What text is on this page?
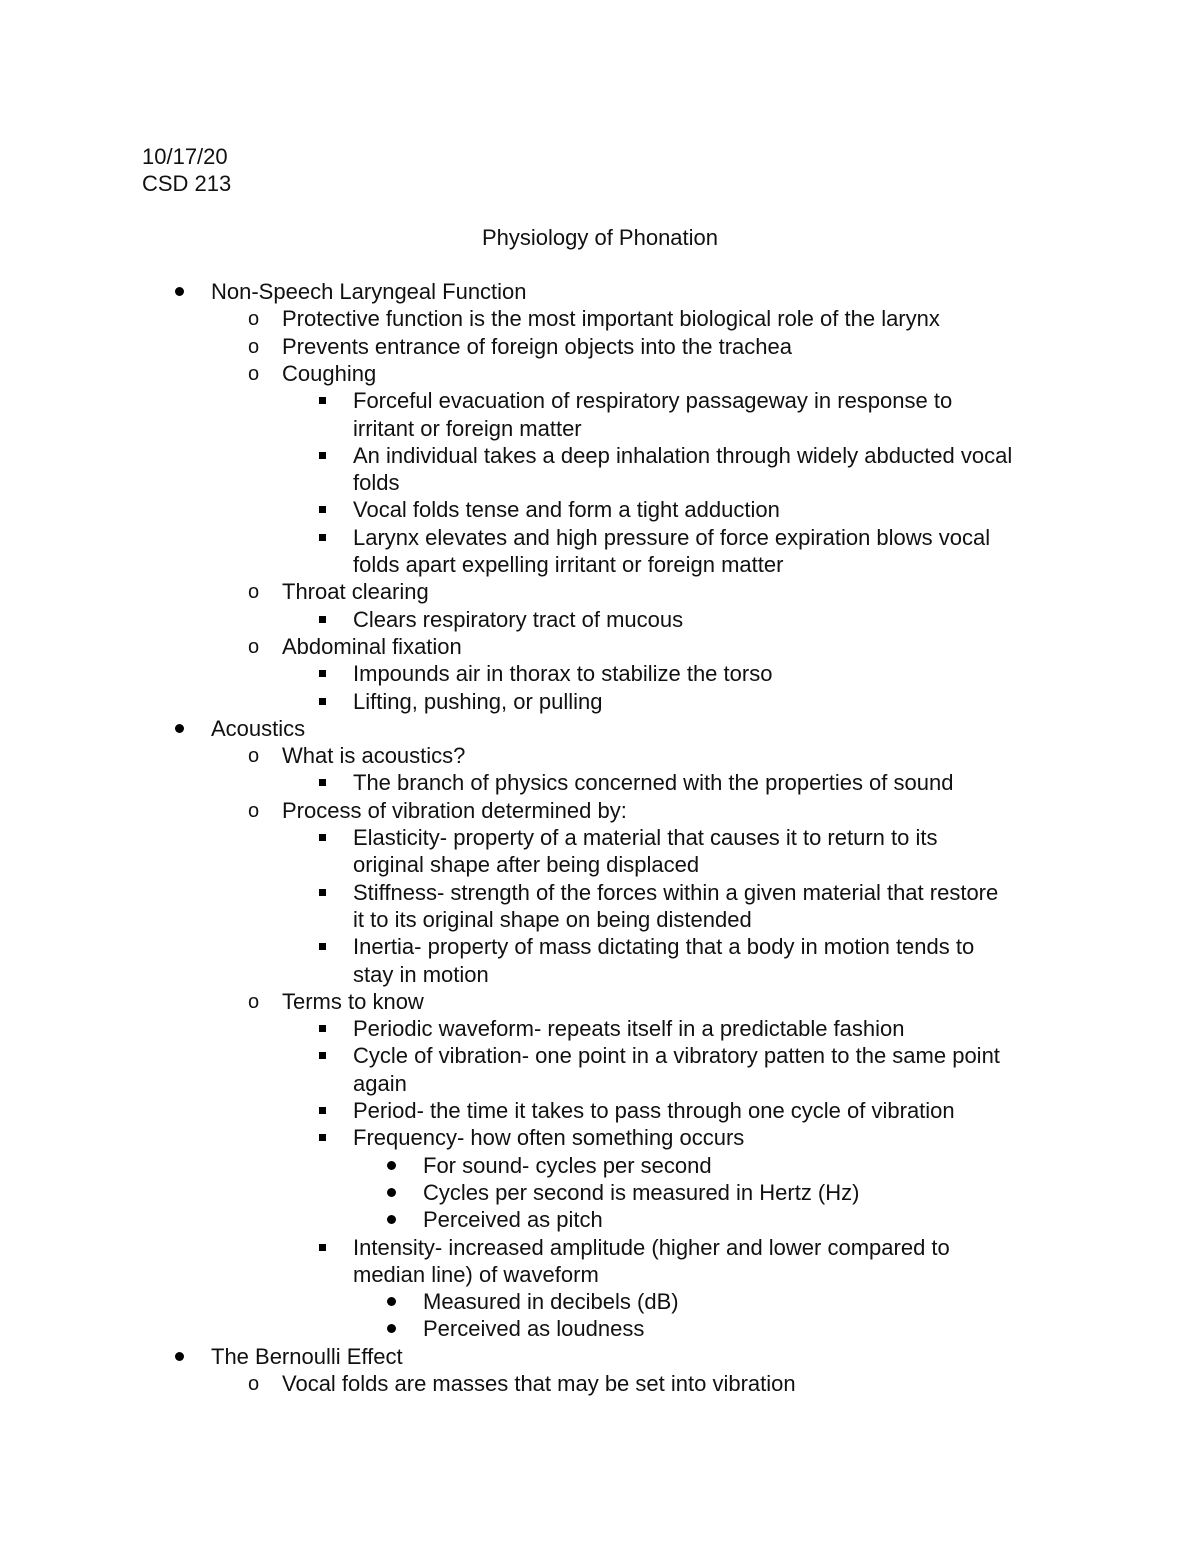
10/17/20
CSD 213
Physiology of Phonation
Non-Speech Laryngeal Function
o Protective function is the most important biological role of the larynx
o Prevents entrance of foreign objects into the trachea
o Coughing
Forceful evacuation of respiratory passageway in response to
irritant or foreign matter
An individual takes a deep inhalation through widely abducted vocal
folds
Vocal folds tense and form a tight adduction
Larynx elevates and high pressure of force expiration blows vocal
folds apart expelling irritant or foreign matter
o Throat clearing
Clears respiratory tract of mucous
o Abdominal fixation
Impounds air in thorax to stabilize the torso
Lifting, pushing, or pulling
Acoustics
o What is acoustics?
The branch of physics concerned with the properties of sound
o Process of vibration determined by:
Elasticity- property of a material that causes it to return to its
original shape after being displaced
Stiffness- strength of the forces within a given material that restore
it to its original shape on being distended
Inertia- property of mass dictating that a body in motion tends to
stay in motion
o Terms to know
Periodic waveform- repeats itself in a predictable fashion
Cycle of vibration- one point in a vibratory patten to the same point
again
Period- the time it takes to pass through one cycle of vibration
Frequency- how often something occurs
For sound- cycles per second
Cycles per second is measured in Hertz (Hz)
Perceived as pitch
Intensity- increased amplitude (higher and lower compared to
median line) of waveform
Measured in decibels (dB)
Perceived as loudness
The Bernoulli Effect
o Vocal folds are masses that may be set into vibration
